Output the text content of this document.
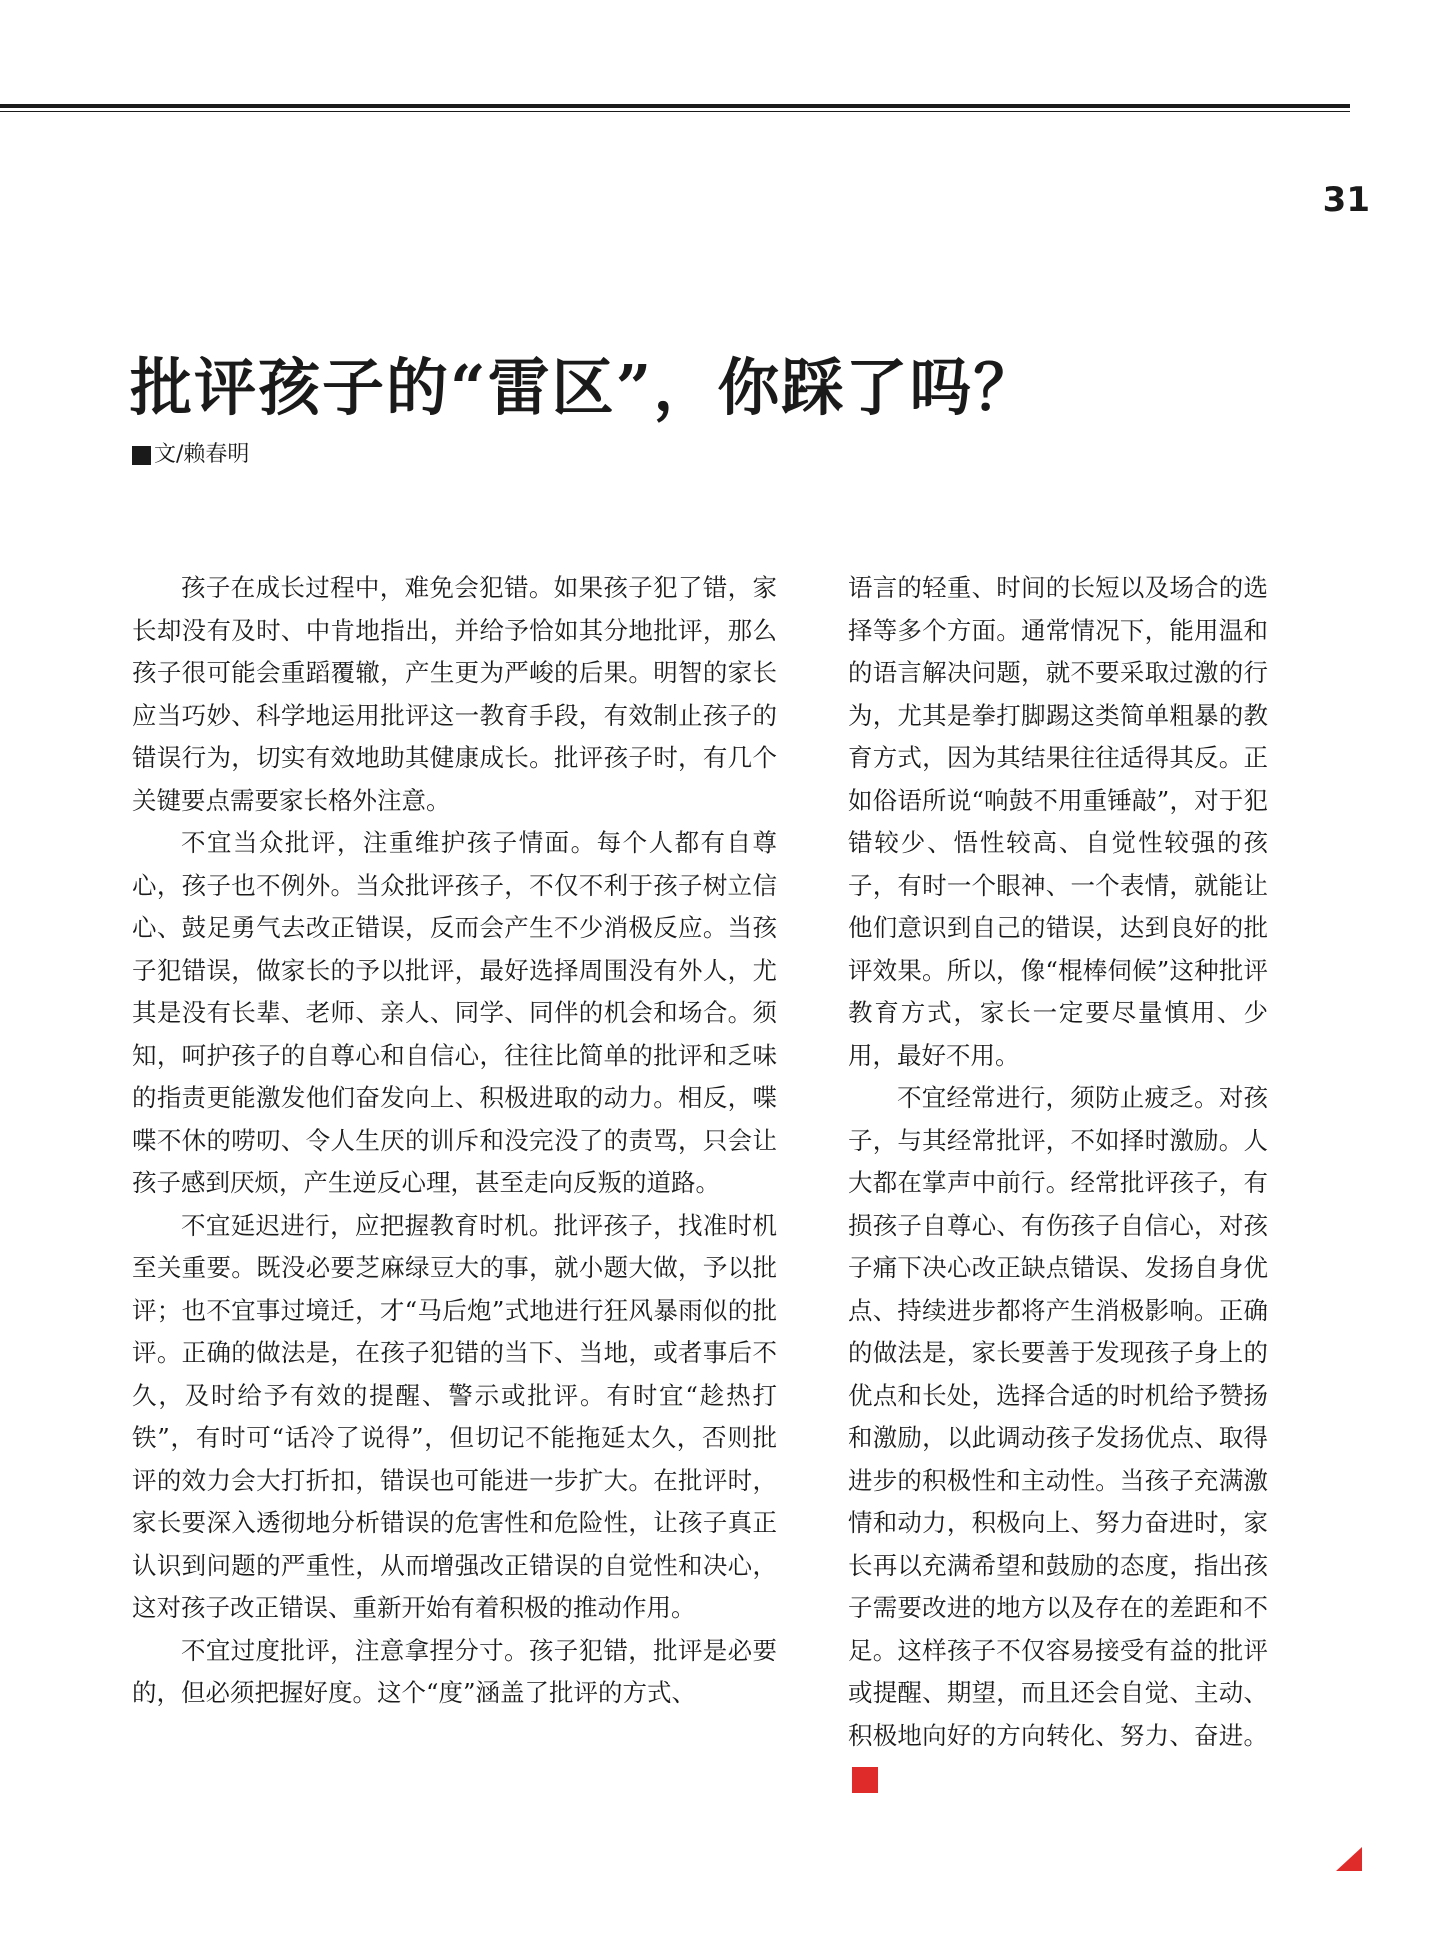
31
批评孩子的“雷区”，你踩了吗？
文/赖春明

孩子在成长过程中，难免会犯错。如果孩子犯了错，家长却没有及时、中肯地指出，并给予恰如其分地批评，那么孩子很可能会重蹈覆辙，产生更为严峻的后果。明智的家长应当巧妙、科学地运用批评这一教育手段，有效制止孩子的错误行为，切实有效地助其健康成长。批评孩子时，有几个关键要点需要家长格外注意。

不宜当众批评，注重维护孩子情面。每个人都有自尊心，孩子也不例外。当众批评孩子，不仅不利于孩子树立信心、鼓足勇气去改正错误，反而会产生不少消极反应。当孩子犯错误，做家长的予以批评，最好选择周围没有外人，尤其是没有长辈、老师、亲人、同学、同伴的机会和场合。须知，呵护孩子的自尊心和自信心，往往比简单的批评和乏味的指责更能激发他们奋发向上、积极进取的动力。相反，喋喋不休的唠叨、令人生厌的训斥和没完没了的责骂，只会让孩子感到厌烦，产生逆反心理，甚至走向反叛的道路。

不宜延迟进行，应把握教育时机。批评孩子，找准时机至关重要。既没必要芝麻绿豆大的事，就小题大做，予以批评；也不宜事过境迁，才“马后炮”式地进行狂风暴雨似的批评。正确的做法是，在孩子犯错的当下、当地，或者事后不久，及时给予有效的提醒、警示或批评。有时宜“趁热打铁”，有时可“话冷了说得”，但切记不能拖延太久，否则批评的效力会大打折扣，错误也可能进一步扩大。在批评时，家长要深入透彻地分析错误的危害性和危险性，让孩子真正认识到问题的严重性，从而增强改正错误的自觉性和决心，这对孩子改正错误、重新开始有着积极的推动作用。

不宜过度批评，注意拿捏分寸。孩子犯错，批评是必要的，但必须把握好度。这个“度”涵盖了批评的方式、

语言的轻重、时间的长短以及场合的选择等多个方面。通常情况下，能用温和的语言解决问题，就不要采取过激的行为，尤其是拳打脚踢这类简单粗暴的教育方式，因为其结果往往适得其反。正如俗语所说“响鼓不用重锤敲”，对于犯错较少、悟性较高、自觉性较强的孩子，有时一个眼神、一个表情，就能让他们意识到自己的错误，达到良好的批评效果。所以，像“棍棒伺候”这种批评教育方式，家长一定要尽量慎用、少用，最好不用。

不宜经常进行，须防止疲乏。对孩子，与其经常批评，不如择时激励。人大都在掌声中前行。经常批评孩子，有损孩子自尊心、有伤孩子自信心，对孩子痛下决心改正缺点错误、发扬自身优点、持续进步都将产生消极影响。正确的做法是，家长要善于发现孩子身上的优点和长处，选择合适的时机给予赞扬和激励，以此调动孩子发扬优点、取得进步的积极性和主动性。当孩子充满激情和动力，积极向上、努力奋进时，家长再以充满希望和鼓励的态度，指出孩子需要改进的地方以及存在的差距和不足。这样孩子不仅容易接受有益的批评或提醒、期望，而且还会自觉、主动、积极地向好的方向转化、努力、奋进。天
